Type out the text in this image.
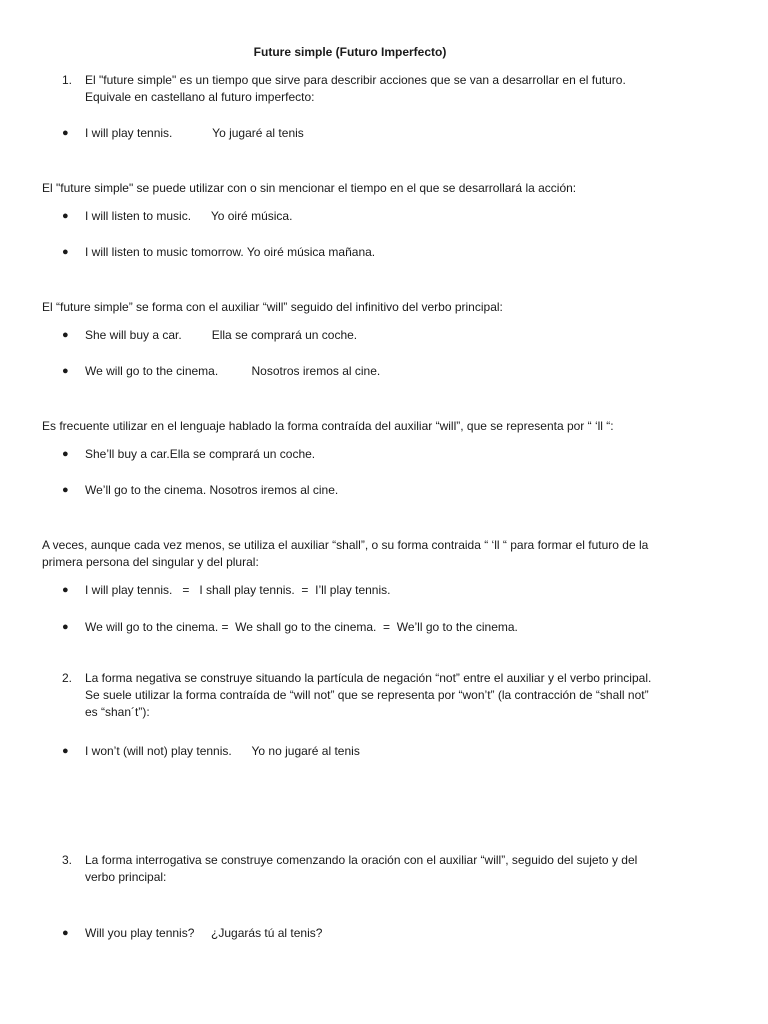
Future simple (Futuro Imperfecto)

1. El "future simple" es un tiempo que sirve para describir acciones que se van a desarrollar en el futuro. Equivale en castellano al futuro imperfecto:

● I will play tennis.            Yo jugaré al tenis

El "future simple" se puede utilizar con o sin mencionar el tiempo en el que se desarrollará la acción:

● I will listen to music.      Yo oiré música.
● I will listen to music tomorrow. Yo oiré música mañana.

El “future simple” se forma con el auxiliar “will” seguido del infinitivo del verbo principal:

● She will buy a car.         Ella se comprará un coche.
● We will go to the cinema.          Nosotros iremos al cine.

Es frecuente utilizar en el lenguaje hablado la forma contraída del auxiliar “will”, que se representa por “ ‘ll “:

● She’ll buy a car.Ella se comprará un coche.
● We’ll go to the cinema. Nosotros iremos al cine.

A veces, aunque cada vez menos, se utiliza el auxiliar “shall”, o su forma contraida “ ‘ll “ para formar el futuro de la primera persona del singular y del plural:

● I will play tennis.   =   I shall play tennis.  =  I’ll play tennis.
● We will go to the cinema. =  We shall go to the cinema.  =  We’ll go to the cinema.
2. La forma negativa se construye situando la partícula de negación “not” entre el auxiliar y el verbo principal. Se suele utilizar la forma contraída de “will not” que se representa por “won’t” (la contracción de “shall not” es “shan´t”):

● I won’t (will not) play tennis.      Yo no jugaré al tenis
3. La forma interrogativa se construye comenzando la oración con el auxiliar “will”, seguido del sujeto y del verbo principal:

● Will you play tennis?     ¿Jugarás tú al tenis?
